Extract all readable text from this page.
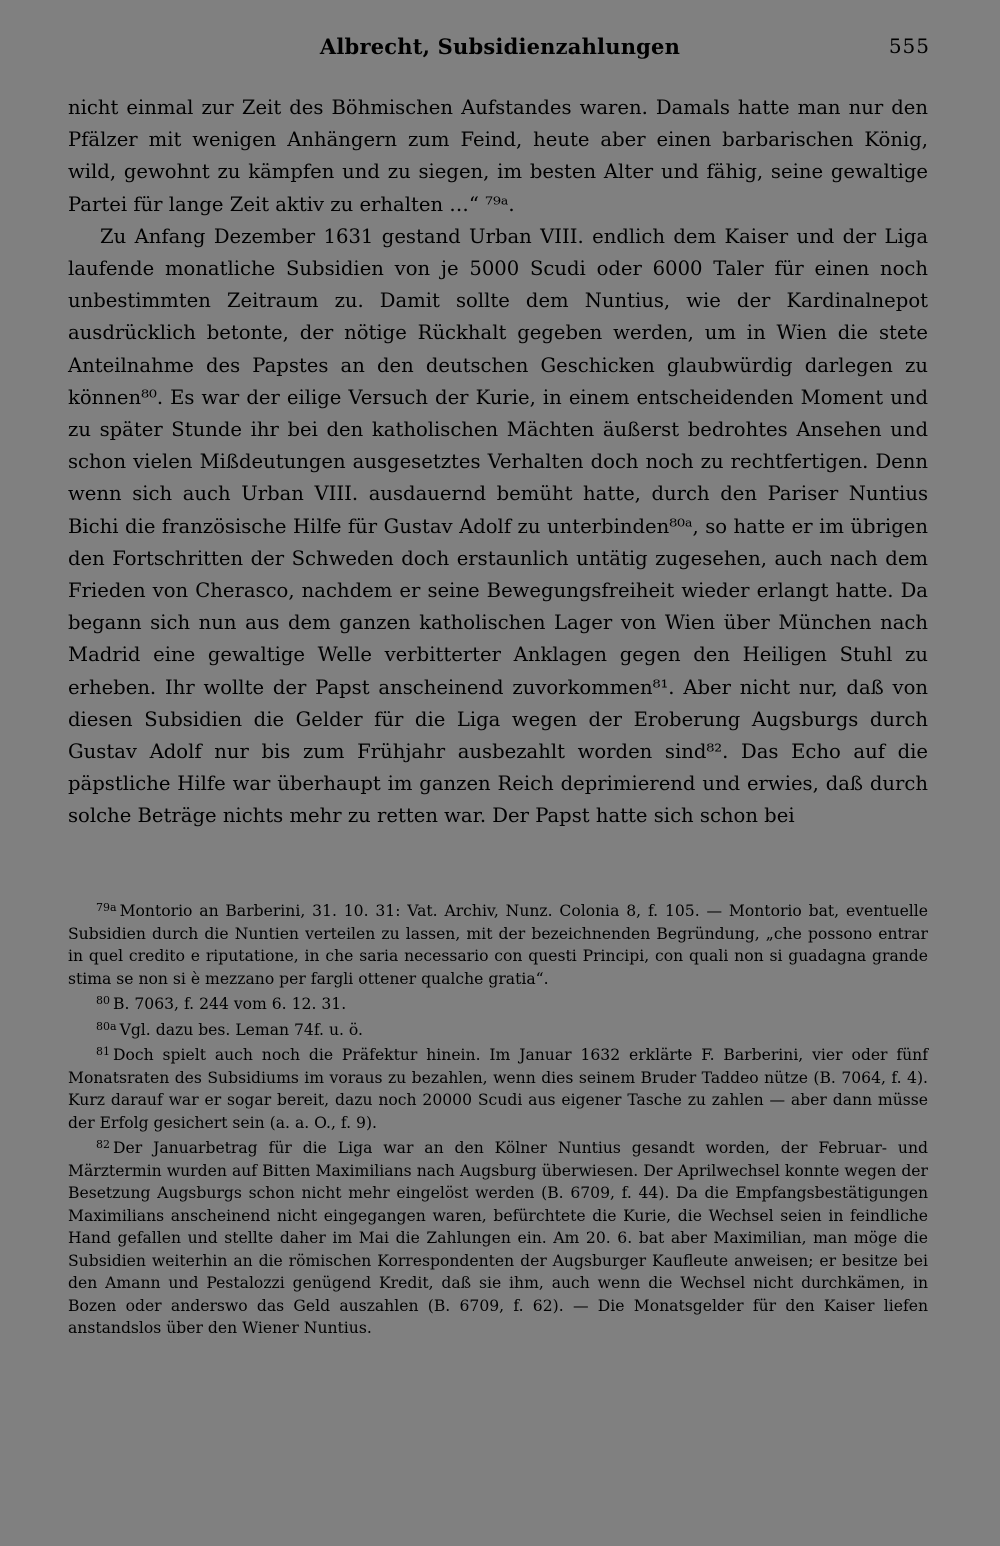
Albrecht, Subsidienzahlungen	555

nicht einmal zur Zeit des Böhmischen Aufstandes waren. Damals hatte man nur den Pfälzer mit wenigen Anhängern zum Feind, heute aber einen barbarischen König, wild, gewohnt zu kämpfen und zu siegen, im besten Alter und fähig, seine gewaltige Partei für lange Zeit aktiv zu erhalten …“ ⁷⁹ᵃ.

Zu Anfang Dezember 1631 gestand Urban VIII. endlich dem Kaiser und der Liga laufende monatliche Subsidien von je 5000 Scudi oder 6000 Taler für einen noch unbestimmten Zeitraum zu. Damit sollte dem Nuntius, wie der Kardinalnepot ausdrücklich betonte, der nötige Rückhalt gegeben werden, um in Wien die stete Anteilnahme des Papstes an den deutschen Geschicken glaubwürdig darlegen zu können⁸⁰. Es war der eilige Versuch der Kurie, in einem entscheidenden Moment und zu später Stunde ihr bei den katholischen Mächten äußerst bedrohtes Ansehen und schon vielen Mißdeutungen ausgesetztes Verhalten doch noch zu rechtfertigen. Denn wenn sich auch Urban VIII. ausdauernd bemüht hatte, durch den Pariser Nuntius Bichi die französische Hilfe für Gustav Adolf zu unterbinden⁸⁰ᵃ, so hatte er im übrigen den Fortschritten der Schweden doch erstaunlich untätig zugesehen, auch nach dem Frieden von Cherasco, nachdem er seine Bewegungsfreiheit wieder erlangt hatte. Da begann sich nun aus dem ganzen katholischen Lager von Wien über München nach Madrid eine gewaltige Welle verbitterter Anklagen gegen den Heiligen Stuhl zu erheben. Ihr wollte der Papst anscheinend zuvorkommen⁸¹. Aber nicht nur, daß von diesen Subsidien die Gelder für die Liga wegen der Eroberung Augsburgs durch Gustav Adolf nur bis zum Frühjahr ausbezahlt worden sind⁸². Das Echo auf die päpstliche Hilfe war überhaupt im ganzen Reich deprimierend und erwies, daß durch solche Beträge nichts mehr zu retten war. Der Papst hatte sich schon bei

$^{79a}$ Montorio an Barberini, 31. 10. 31: Vat. Archiv, Nunz. Colonia 8, f. 105. — Montorio bat, eventuelle Subsidien durch die Nuntien verteilen zu lassen, mit der bezeichnenden Begründung, „che possono entrar in quel credito e riputatione, in che saria necessario con questi Principi, con quali non si guadagna grande stima se non si è mezzano per fargli ottener qualche gratia“.

$^{80}$ B. 7063, f. 244 vom 6. 12. 31.

$^{80a}$ Vgl. dazu bes. Leman 74f. u. ö.

$^{81}$ Doch spielt auch noch die Präfektur hinein. Im Januar 1632 erklärte F. Barberini, vier oder fünf Monatsraten des Subsidiums im voraus zu bezahlen, wenn dies seinem Bruder Taddeo nütze (B. 7064, f. 4). Kurz darauf war er sogar bereit, dazu noch 20000 Scudi aus eigener Tasche zu zahlen — aber dann müsse der Erfolg gesichert sein (a. a. O., f. 9).

$^{82}$ Der Januarbetrag für die Liga war an den Kölner Nuntius gesandt worden, der Februar- und Märztermin wurden auf Bitten Maximilians nach Augsburg überwiesen. Der Aprilwechsel konnte wegen der Besetzung Augsburgs schon nicht mehr eingelöst werden (B. 6709, f. 44). Da die Empfangsbestätigungen Maximilians anscheinend nicht eingegangen waren, befürchtete die Kurie, die Wechsel seien in feindliche Hand gefallen und stellte daher im Mai die Zahlungen ein. Am 20. 6. bat aber Maximilian, man möge die Subsidien weiterhin an die römischen Korrespondenten der Augsburger Kaufleute anweisen; er besitze bei den Amann und Pestalozzi genügend Kredit, daß sie ihm, auch wenn die Wechsel nicht durchkämen, in Bozen oder anderswo das Geld auszahlen (B. 6709, f. 62). — Die Monatsgelder für den Kaiser liefen anstandslos über den Wiener Nuntius.
